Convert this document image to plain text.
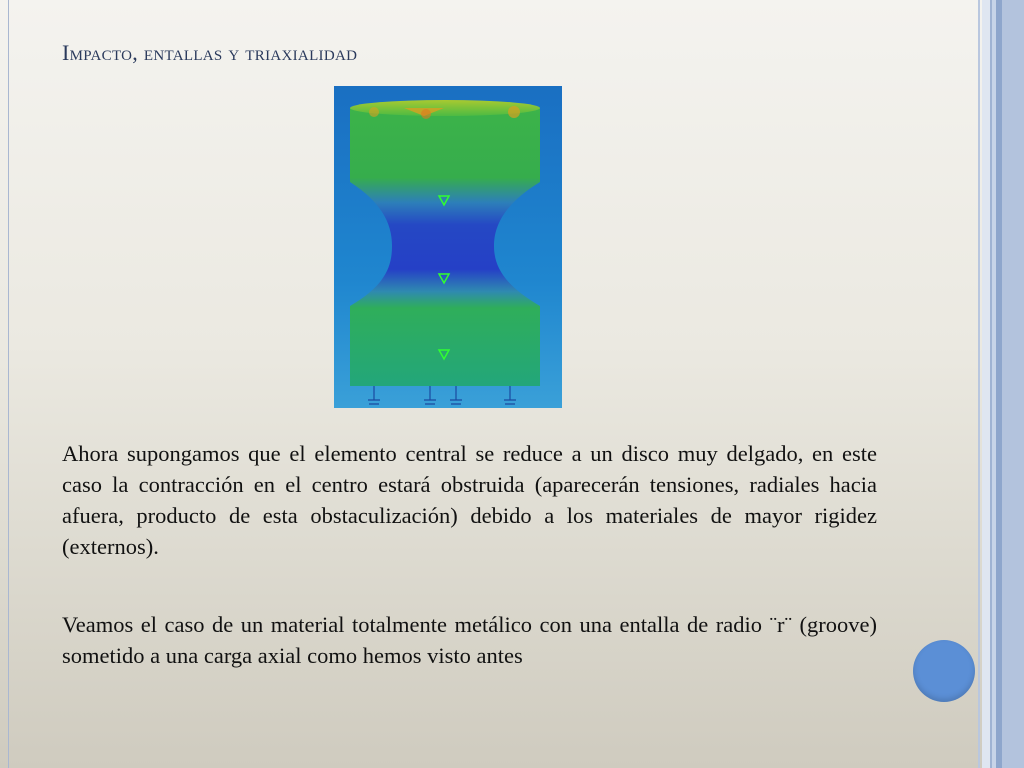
Impacto, entallas y triaxialidad
Ahora supongamos que el elemento central se reduce a un disco muy delgado, en este caso la contracción en el centro estará obstruida (aparecerán tensiones, radiales hacia afuera, producto de esta obstaculización) debido a los materiales de mayor rigidez (externos).
Veamos el caso de un material totalmente metálico con una entalla de radio ¨r¨ (groove) sometido a una carga axial como hemos visto antes
